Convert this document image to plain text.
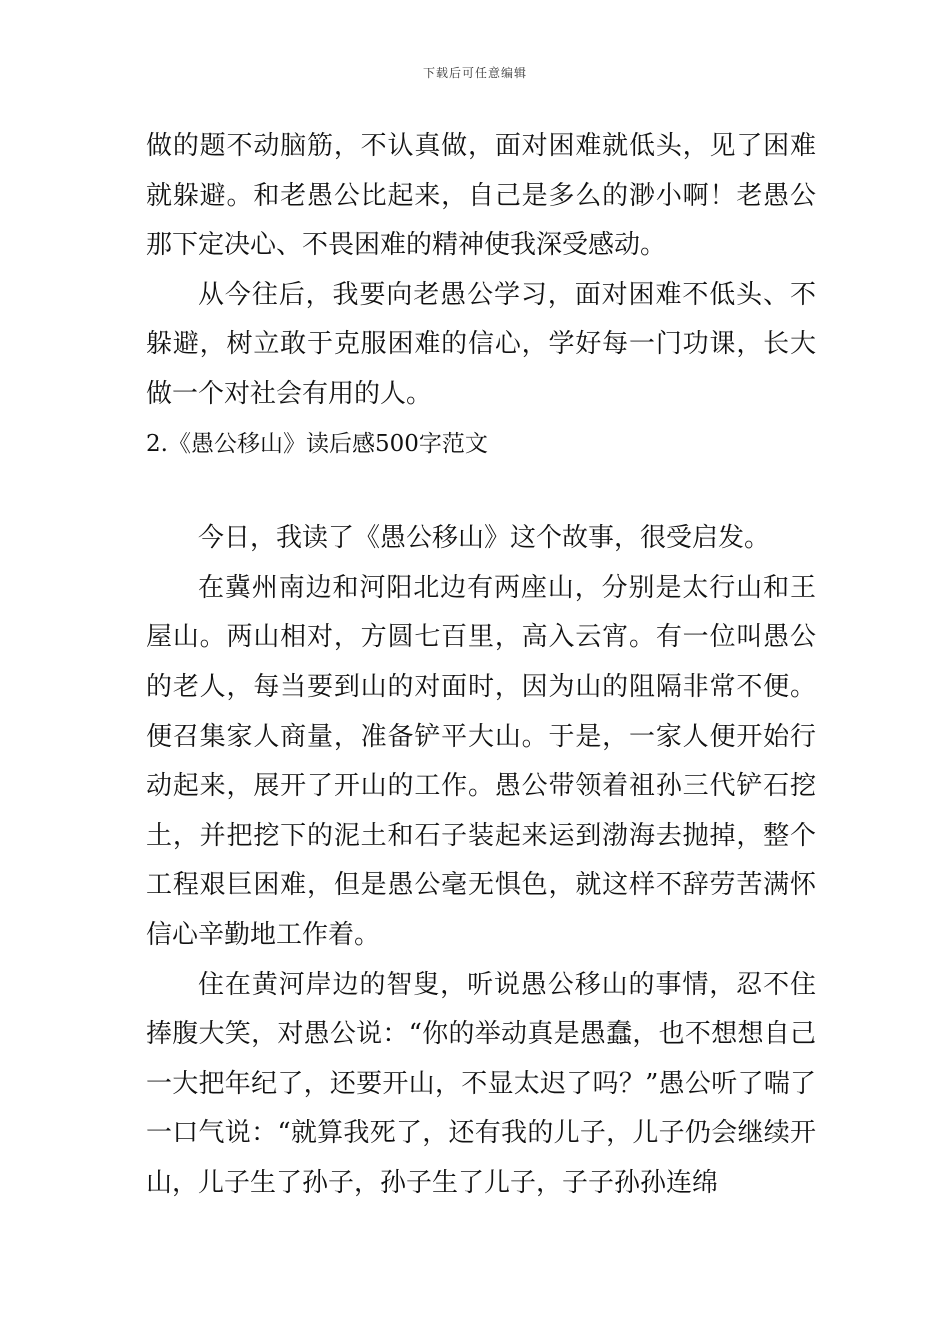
下载后可任意编辑

做的题不动脑筋，不认真做，面对困难就低头，见了困难就躲避。和老愚公比起来，自己是多么的渺小啊！老愚公那下定决心、不畏困难的精神使我深受感动。

从今往后，我要向老愚公学习，面对困难不低头、不躲避，树立敢于克服困难的信心，学好每一门功课，长大做一个对社会有用的人。

2.《愚公移山》读后感500字范文

今日，我读了《愚公移山》这个故事，很受启发。

在冀州南边和河阳北边有两座山，分别是太行山和王屋山。两山相对，方圆七百里，高入云宵。有一位叫愚公的老人，每当要到山的对面时，因为山的阻隔非常不便。便召集家人商量，准备铲平大山。于是，一家人便开始行动起来，展开了开山的工作。愚公带领着祖孙三代铲石挖土，并把挖下的泥土和石子装起来运到渤海去抛掉，整个工程艰巨困难，但是愚公毫无惧色，就这样不辞劳苦满怀信心辛勤地工作着。

住在黄河岸边的智叟，听说愚公移山的事情，忍不住捧腹大笑，对愚公说：“你的举动真是愚蠢，也不想想自己一大把年纪了，还要开山，不显太迟了吗？”愚公听了喘了一口气说：“就算我死了，还有我的儿子，儿子仍会继续开山，儿子生了孙子，孙子生了儿子，子子孙孙连绵
